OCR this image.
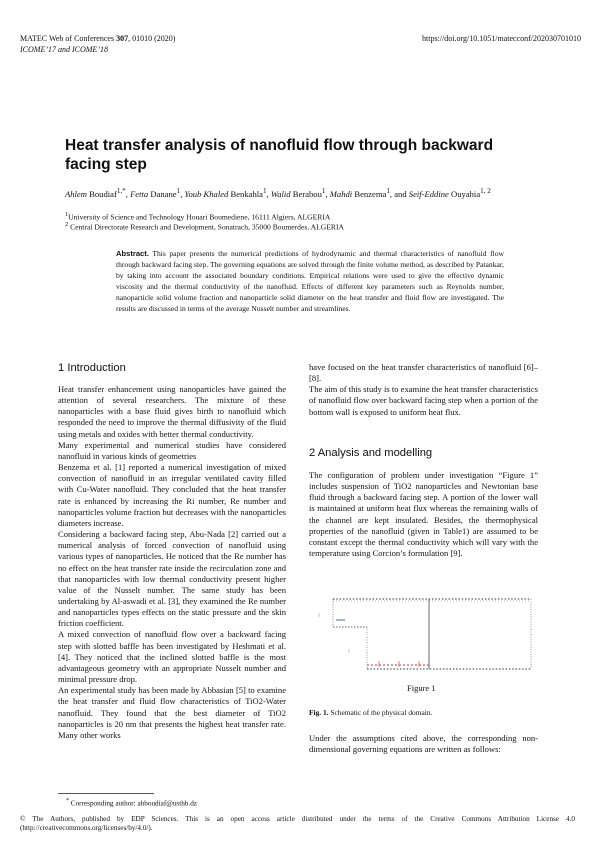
MATEC Web of Conferences 307, 01010 (2020)
ICOME’17 and ICOME’18
https://doi.org/10.1051/matecconf/202030701010
Heat transfer analysis of nanofluid flow through backward facing step
Ahlem Boudiaf$^{1,*}$, Fetta Danane$^1$, Youb Khaled Benkahla$^1$, Walid Berabou$^1$, Mahdi Benzema$^1$, and Seif-Eddine Ouyahia$^{1, 2}$
$^1$University of Science and Technology Houari Boumediene, 16111 Algiers, ALGERIA
$^2$ Central Directorate Research and Development, Sonatrach, 35000 Boumerdes, ALGERIA
Abstract. This paper presents the numerical predictions of hydrodynamic and thermal characteristics of nanofluid flow through backward facing step. The governing equations are solved through the finite volume method, as described by Patankar, by taking into account the associated boundary conditions. Empirical relations were used to give the effective dynamic viscosity and the thermal conductivity of the nanofluid. Effects of different key parameters such as Reynolds number, nanoparticle solid volume fraction and nanoparticle solid diameter on the heat transfer and fluid flow are investigated. The results are discussed in terms of the average Nusselt number and streamlines.
1 Introduction

Heat transfer enhancement using nanoparticles have gained the attention of several researchers. The mixture of these nanoparticles with a base fluid gives birth to nanofluid which responded the need to improve the thermal diffusivity of the fluid using metals and oxides with better thermal conductivity.

Many experimental and numerical studies have considered nanofluid in various kinds of geometries

Benzema et al. [1] reported a numerical investigation of mixed convection of nanofluid in an irregular ventilated cavity filled with Cu-Water nanofluid. They concluded that the heat transfer rate is enhanced by increasing the Ri number, Re number and nanoparticles volume fraction but decreases with the nanoparticles diameters increase.

Considering a backward facing step, Abu-Nada [2] carried out a numerical analysis of forced convection of nanofluid using various types of nanoparticles. He noticed that the Re number has no effect on the heat transfer rate inside the recirculation zone and that nanoparticles with low thermal conductivity present higher value of the Nusselt number. The same study has been undertaking by Al-aswadi et al. [3], they examined the Re number and nanoparticles types effects on the static pressure and the skin friction coefficient.

A mixed convection of nanofluid flow over a backward facing step with slotted baffle has been investigated by Heshmati et al. [4]. They noticed that the inclined slotted baffle is the most advantageous geometry with an appropriate Nusselt number and minimal pressure drop.

An experimental study has been made by Abbasian [5] to examine the heat transfer and fluid flow characteristics of TiO2-Water nanofluid. They found that the best diameter of TiO2 nanoparticles is 20 nm that presents the highest heat transfer rate. Many other works

have focused on the heat transfer characteristics of nanofluid [6]–[8].

The aim of this study is to examine the heat transfer characteristics of nanofluid flow over backward facing step when a portion of the bottom wall is exposed to uniform heat flux.

2 Analysis and modelling
The configuration of problem under investigation “Figure 1” includes suspension of TiO2 nanoparticles and Newtonian base fluid through a backward facing step. A portion of the lower wall is maintained at uniform heat flux whereas the remaining walls of the channel are kept insulated. Besides, the thermophysical properties of the nanofluid (given in Table1) are assumed to be constant except the thermal conductivity which will vary with the temperature using Corcion’s formulation [9].
Figure 1
Fig. 1. Schematic of the physical domain.
Under the assumptions cited above, the corresponding non-dimensional governing equations are written as follows:
* Corresponding author: ahboudiaf@usthb.dz
© The Authors, published by EDP Sciences. This is an open access article distributed under the terms of the Creative Commons Attribution License 4.0 (http://creativecommons.org/licenses/by/4.0/).
